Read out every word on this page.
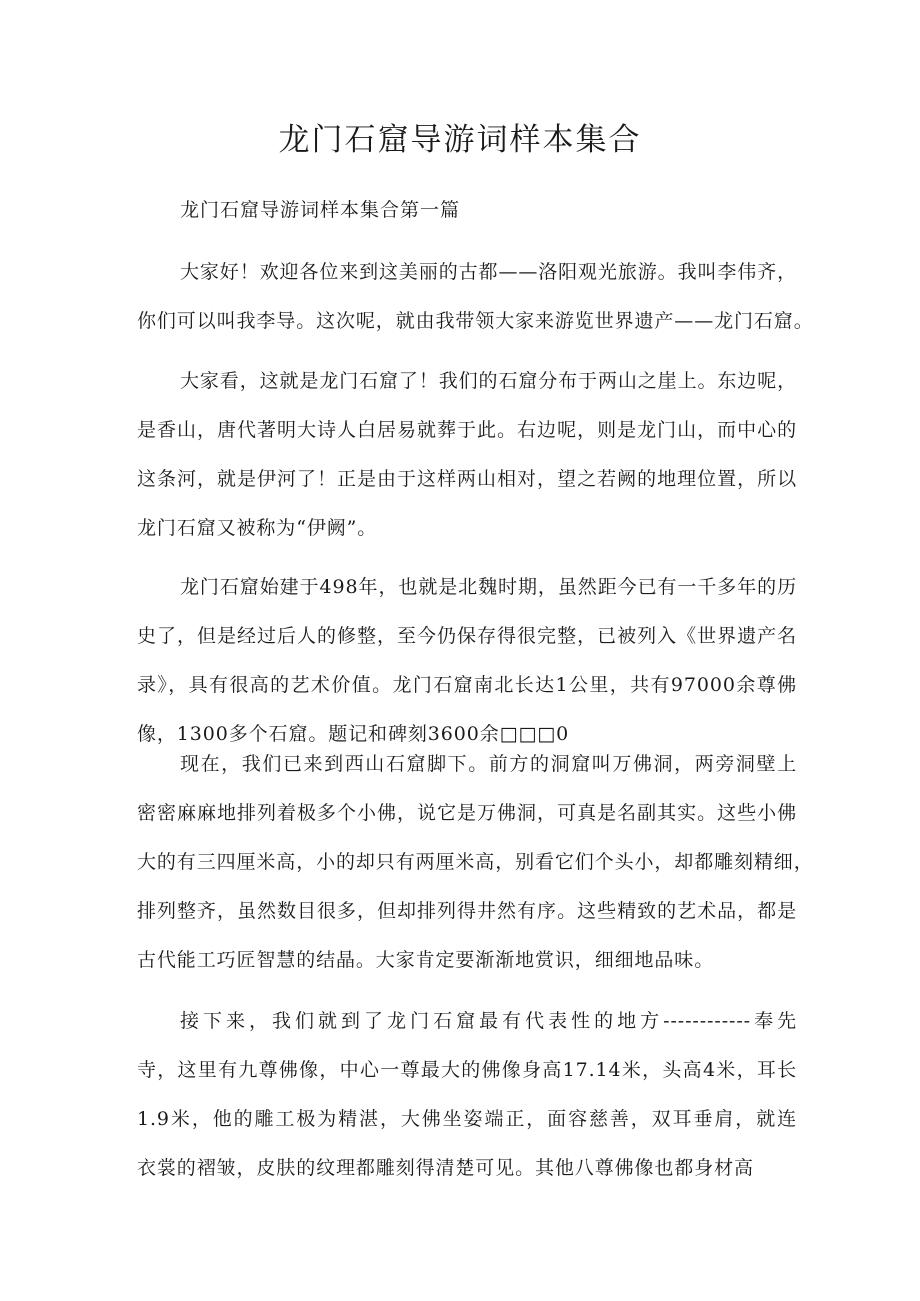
龙门石窟导游词样本集合

龙门石窟导游词样本集合第一篇

大家好！欢迎各位来到这美丽的古都——洛阳观光旅游。我叫李伟齐，
你们可以叫我李导。这次呢，就由我带领大家来游览世界遗产——龙门石窟。

大家看，这就是龙门石窟了！我们的石窟分布于两山之崖上。东边呢，
是香山，唐代著明大诗人白居易就葬于此。右边呢，则是龙门山，而中心的
这条河，就是伊河了！正是由于这样两山相对，望之若阙的地理位置，所以
龙门石窟又被称为“伊阙”。

龙门石窟始建于498年，也就是北魏时期，虽然距今已有一千多年的历
史了，但是经过后人的修整，至今仍保存得很完整，已被列入《世界遗产名
录》，具有很高的艺术价值。龙门石窟南北长达1公里，共有97000余尊佛
像，1300多个石窟。题记和碑刻3600余□□□0

现在，我们已来到西山石窟脚下。前方的洞窟叫万佛洞，两旁洞壁上
密密麻麻地排列着极多个小佛，说它是万佛洞，可真是名副其实。这些小佛
大的有三四厘米高，小的却只有两厘米高，别看它们个头小，却都雕刻精细，
排列整齐，虽然数目很多，但却排列得井然有序。这些精致的艺术品，都是
古代能工巧匠智慧的结晶。大家肯定要渐渐地赏识，细细地品味。

接下来，我们就到了龙门石窟最有代表性的地方------------奉先
寺，这里有九尊佛像，中心一尊最大的佛像身高17.14米，头高4米，耳长
1.9米，他的雕工极为精湛，大佛坐姿端正，面容慈善，双耳垂肩，就连
衣裳的褶皱，皮肤的纹理都雕刻得清楚可见。其他八尊佛像也都身材高
